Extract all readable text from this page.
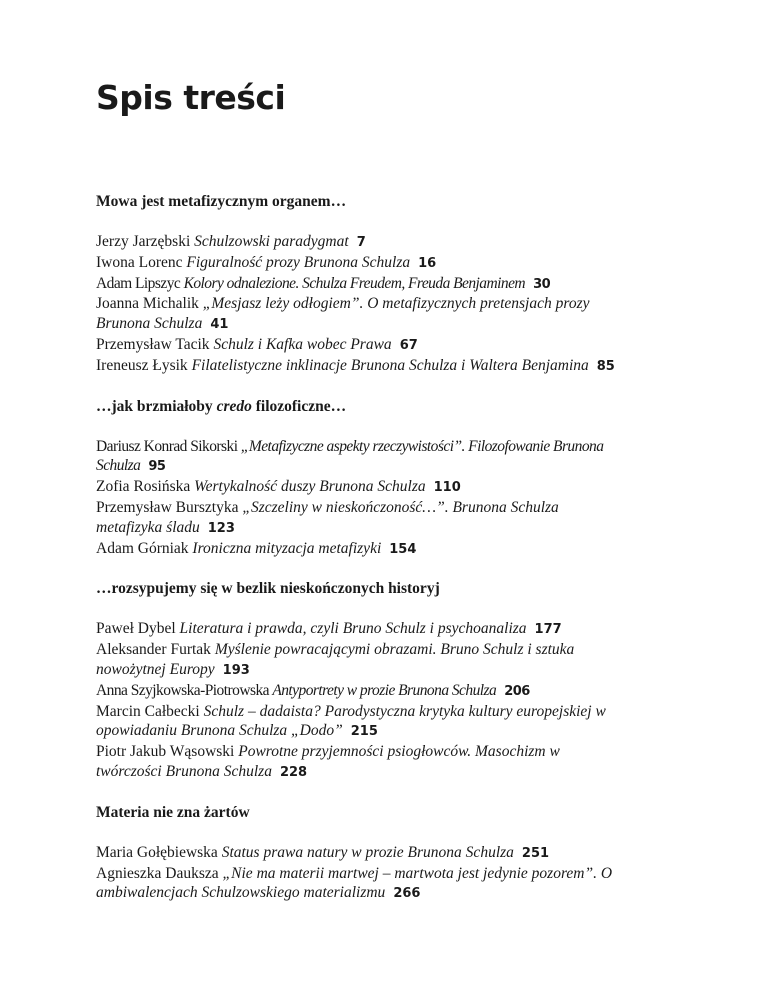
Spis treści

Mowa jest metafizycznym organem…

Jerzy Jarzębski Schulzowski paradygmat 7

Iwona Lorenc Figuralność prozy Brunona Schulza 16

Adam Lipszyc Kolory odnalezione. Schulza Freudem, Freuda Benjaminem 30

Joanna Michalik „Mesjasz leży odłogiem”. O metafizycznych pretensjach prozy Brunona Schulza 41

Przemysław Tacik Schulz i Kafka wobec Prawa 67

Ireneusz Łysik Filatelistyczne inklinacje Brunona Schulza i Waltera Benjamina 85

…jak brzmiałoby credo filozoficzne…

Dariusz Konrad Sikorski „Metafizyczne aspekty rzeczywistości”. Filozofowanie Brunona Schulza 95

Zofia Rosińska Wertykalność duszy Brunona Schulza 110

Przemysław Bursztyka „Szczeliny w nieskończoność…”. Brunona Schulza metafizyka śladu 123

Adam Górniak Ironiczna mityzacja metafizyki 154

…rozsypujemy się w bezlik nieskończonych historyj

Paweł Dybel Literatura i prawda, czyli Bruno Schulz i psychoanaliza 177

Aleksander Furtak Myślenie powracającymi obrazami. Bruno Schulz i sztuka nowożytnej Europy 193

Anna Szyjkowska-Piotrowska Antyportrety w prozie Brunona Schulza 206

Marcin Całbecki Schulz – dadaista? Parodystyczna krytyka kultury europejskiej w opowiadaniu Brunona Schulza „Dodo” 215

Piotr Jakub Wąsowski Powrotne przyjemności psiogłowców. Masochizm w twórczości Brunona Schulza 228

Materia nie zna żartów

Maria Gołębiewska Status prawa natury w prozie Brunona Schulza 251

Agnieszka Dauksza „Nie ma materii martwej – martwota jest jedynie pozorem”. O ambiwalencjach Schulzowskiego materializmu 266
